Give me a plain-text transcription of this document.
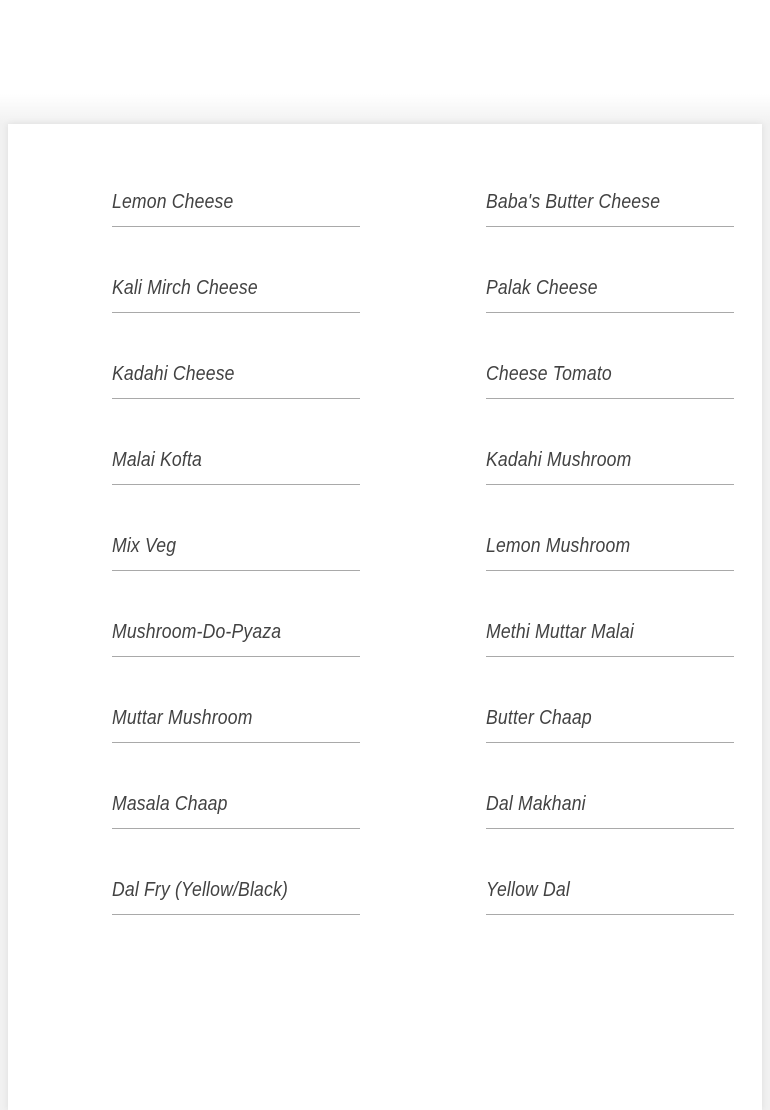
Lemon Cheese
Kali Mirch Cheese
Kadahi Cheese
Malai Kofta
Mix Veg
Mushroom-Do-Pyaza
Muttar Mushroom
Masala Chaap
Dal Fry (Yellow/Black)
Baba's Butter Cheese
Palak Cheese
Cheese Tomato
Kadahi Mushroom
Lemon Mushroom
Methi Muttar Malai
Butter Chaap
Dal Makhani
Yellow Dal
